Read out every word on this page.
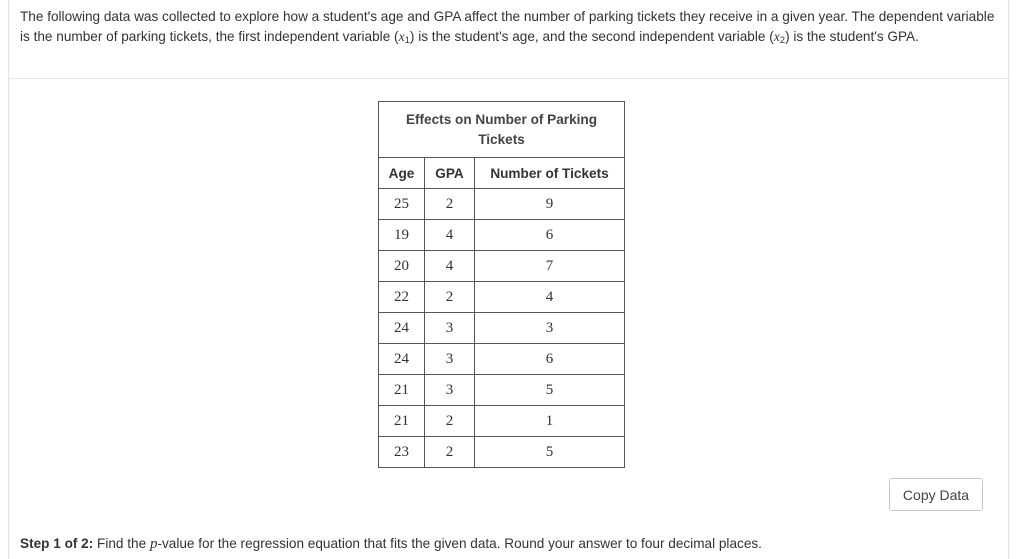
The following data was collected to explore how a student's age and GPA affect the number of parking tickets they receive in a given year. The dependent variable is the number of parking tickets, the first independent variable $(x_1)$ is the student's age, and the second independent variable $(x_2)$ is the student's GPA.

Effects on Number of Parking Tickets		
Age	GPA	Number of Tickets
25	2	9
19	4	6
20	4	7
22	2	4
24	3	3
24	3	6
21	3	5
21	2	1
23	2	5
Copy Data
Step 1 of 2: Find the p-value for the regression equation that fits the given data. Round your answer to four decimal places.
